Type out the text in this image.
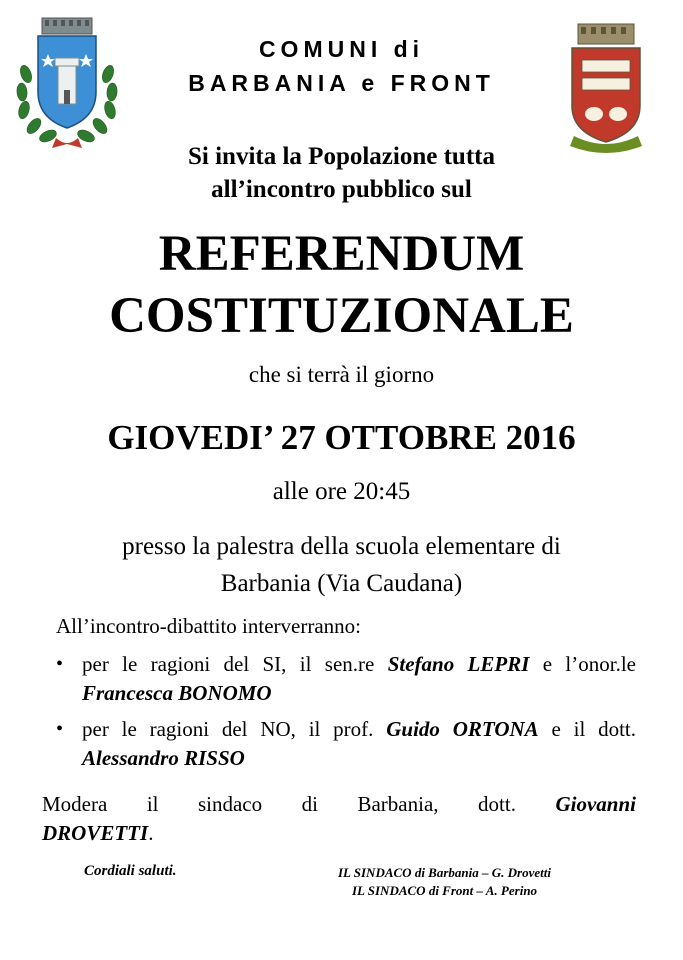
COMUNI di
BARBANIA e FRONT
Si invita la Popolazione tutta
all’incontro pubblico sul
REFERENDUM
COSTITUZIONALE
che si terrà il giorno
GIOVEDI’ 27 OTTOBRE 2016
alle ore 20:45
presso la palestra della scuola elementare di
Barbania (Via Caudana)
All’incontro-dibattito interverranno:
• per le ragioni del SI, il sen.re Stefano LEPRI e l’onor.le Francesca BONOMO
• per le ragioni del NO, il prof. Guido ORTONA e il dott. Alessandro RISSO
Modera il sindaco di Barbania, dott. Giovanni
DROVETTI.
Cordiali saluti.	IL SINDACO di Barbania – G. Drovetti
IL SINDACO di Front – A. Perino
